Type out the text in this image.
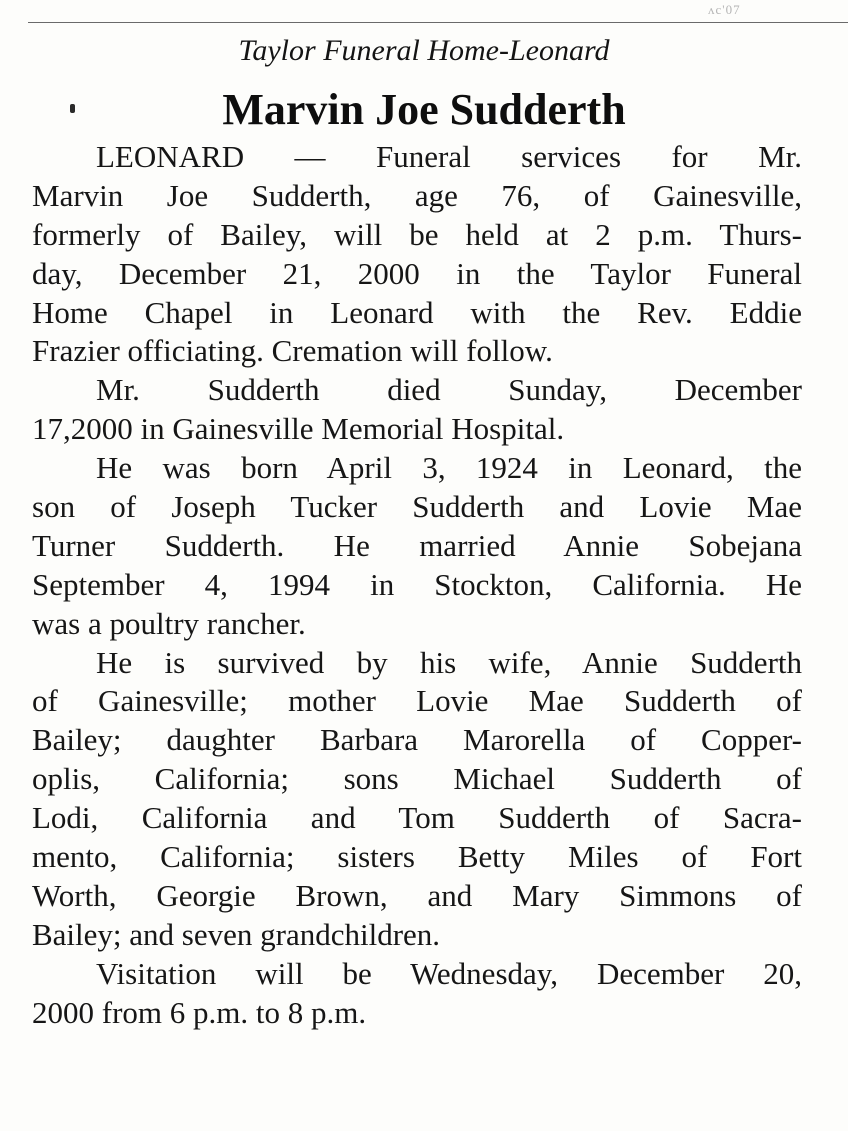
ʌc'07
Taylor Funeral Home-Leonard
Marvin Joe Sudderth
LEONARD — Funeral services for Mr.
Marvin Joe Sudderth, age 76, of Gainesville,
formerly of Bailey, will be held at 2 p.m. Thurs-
day, December 21, 2000 in the Taylor Funeral
Home Chapel in Leonard with the Rev. Eddie
Frazier officiating. Cremation will follow.
Mr. Sudderth died Sunday, December
17,2000 in Gainesville Memorial Hospital.
He was born April 3, 1924 in Leonard, the
son of Joseph Tucker Sudderth and Lovie Mae
Turner Sudderth. He married Annie Sobejana
September 4, 1994 in Stockton, California. He
was a poultry rancher.
He is survived by his wife, Annie Sudderth
of Gainesville; mother Lovie Mae Sudderth of
Bailey; daughter Barbara Marorella of Copper-
oplis, California; sons Michael Sudderth of
Lodi, California and Tom Sudderth of Sacra-
mento, California; sisters Betty Miles of Fort
Worth, Georgie Brown, and Mary Simmons of
Bailey; and seven grandchildren.
Visitation will be Wednesday, December 20,
2000 from 6 p.m. to 8 p.m.
